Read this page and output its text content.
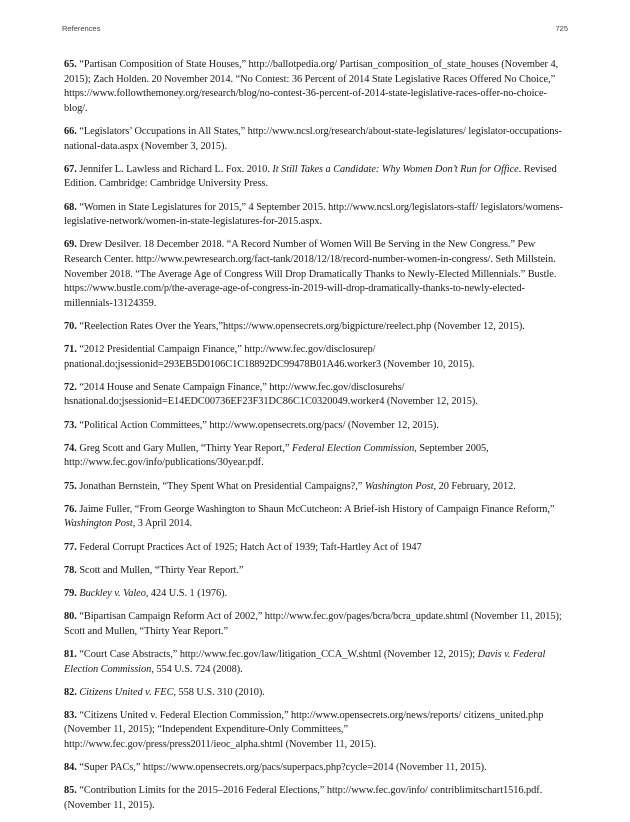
References	725

65. “Partisan Composition of State Houses,” http://ballotpedia.org/ Partisan_composition_of_state_houses (November 4, 2015); Zach Holden. 20 November 2014. “No Contest: 36 Percent of 2014 State Legislative Races Offered No Choice,” https://www.followthemoney.org/research/blog/no-contest-36-percent-of-2014-state-legislative-races-offer-no-choice-blog/.

66. “Legislators’ Occupations in All States,” http://www.ncsl.org/research/about-state-legislatures/ legislator-occupations-national-data.aspx (November 3, 2015).

67. Jennifer L. Lawless and Richard L. Fox. 2010. It Still Takes a Candidate: Why Women Don’t Run for Office. Revised Edition. Cambridge: Cambridge University Press.

68. “Women in State Legislatures for 2015,” 4 September 2015. http://www.ncsl.org/legislators-staff/ legislators/womens-legislative-network/women-in-state-legislatures-for-2015.aspx.

69. Drew Desilver. 18 December 2018. “A Record Number of Women Will Be Serving in the New Congress.” Pew Research Center. http://www.pewresearch.org/fact-tank/2018/12/18/record-number-women-in-congress/. Seth Millstein. November 2018. “The Average Age of Congress Will Drop Dramatically Thanks to Newly-Elected Millennials.” Bustle. https://www.bustle.com/p/the-average-age-of-congress-in-2019-will-drop-dramatically-thanks-to-newly-elected-millennials-13124359.

70. “Reelection Rates Over the Years,”https://www.opensecrets.org/bigpicture/reelect.php (November 12, 2015).

71. “2012 Presidential Campaign Finance,” http://www.fec.gov/disclosurep/ pnational.do;jsessionid=293EB5D0106C1C18892DC99478B01A46.worker3 (November 10, 2015).

72. “2014 House and Senate Campaign Finance,” http://www.fec.gov/disclosurehs/ hsnational.do;jsessionid=E14EDC00736EF23F31DC86C1C0320049.worker4 (November 12, 2015).

73. “Political Action Committees,” http://www.opensecrets.org/pacs/ (November 12, 2015).

74. Greg Scott and Gary Mullen, “Thirty Year Report,” Federal Election Commission, September 2005, http://www.fec.gov/info/publications/30year.pdf.

75. Jonathan Bernstein, “They Spent What on Presidential Campaigns?,” Washington Post, 20 February, 2012.

76. Jaime Fuller, “From George Washington to Shaun McCutcheon: A Brief-ish History of Campaign Finance Reform,” Washington Post, 3 April 2014.

77. Federal Corrupt Practices Act of 1925; Hatch Act of 1939; Taft-Hartley Act of 1947

78. Scott and Mullen, “Thirty Year Report.”

79. Buckley v. Valeo, 424 U.S. 1 (1976).

80. “Bipartisan Campaign Reform Act of 2002,” http://www.fec.gov/pages/bcra/bcra_update.shtml (November 11, 2015); Scott and Mullen, “Thirty Year Report.”

81. “Court Case Abstracts,” http://www.fec.gov/law/litigation_CCA_W.shtml (November 12, 2015); Davis v. Federal Election Commission, 554 U.S. 724 (2008).

82. Citizens United v. FEC, 558 U.S. 310 (2010).

83. “Citizens United v. Federal Election Commission,” http://www.opensecrets.org/news/reports/ citizens_united.php (November 11, 2015); “Independent Expenditure-Only Committees,” http://www.fec.gov/press/press2011/ieoc_alpha.shtml (November 11, 2015).

84. “Super PACs,” https://www.opensecrets.org/pacs/superpacs.php?cycle=2014 (November 11, 2015).

85. “Contribution Limits for the 2015–2016 Federal Elections,” http://www.fec.gov/info/ contriblimitschart1516.pdf. (November 11, 2015).
